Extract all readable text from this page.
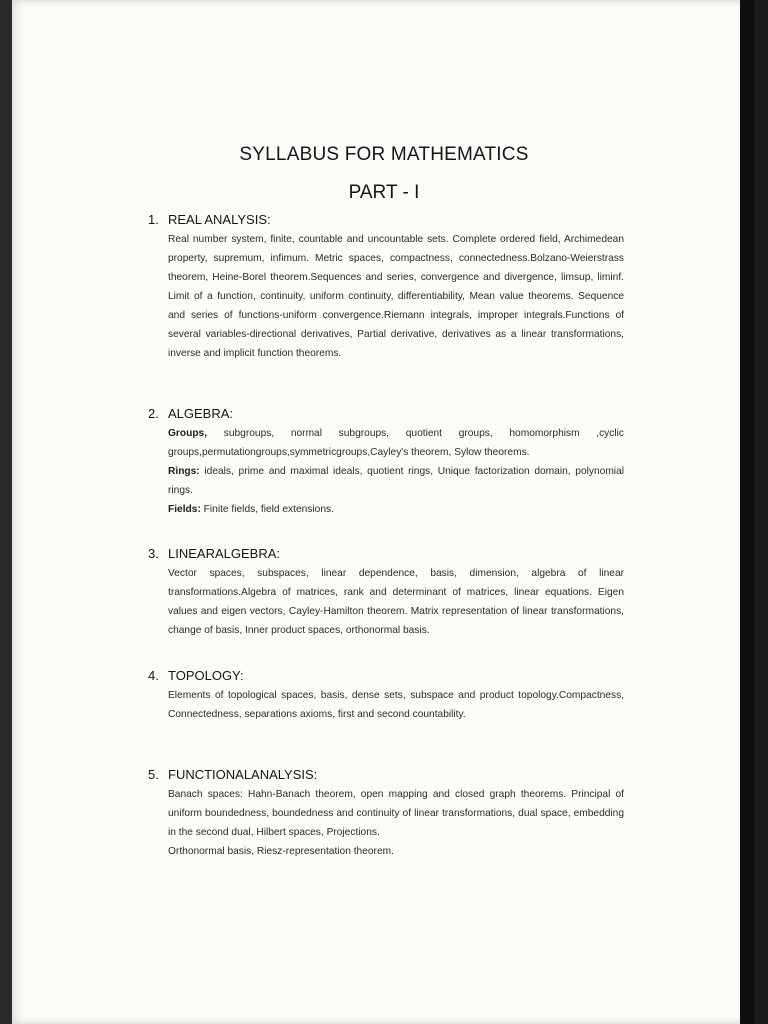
SYLLABUS FOR MATHEMATICS
PART - I
1. REAL ANALYSIS:

Real number system, finite, countable and uncountable sets. Complete ordered field, Archimedean property, supremum, infimum. Metric spaces, compactness, connectedness.Bolzano-Weierstrass theorem, Heine-Borel theorem.Sequences and series, convergence and divergence, limsup, liminf. Limit of a function, continuity, uniform continuity, differentiability, Mean value theorems. Sequence and series of functions-uniform convergence.Riemann integrals, improper integrals.Functions of several variables-directional derivatives, Partial derivative, derivatives as a linear transformations, inverse and implicit function theorems.

2. ALGEBRA:

Groups, subgroups, normal subgroups, quotient groups, homomorphism ,cyclic groups,permutationgroups,symmetricgroups,Cayley's theorem, Sylow theorems.

Rings: ideals, prime and maximal ideals, quotient rings, Unique factorization domain, polynomial rings.

Fields: Finite fields, field extensions.

3. LINEARALGEBRA:

Vector spaces, subspaces, linear dependence, basis, dimension, algebra of linear transformations.Algebra of matrices, rank and determinant of matrices, linear equations. Eigen values and eigen vectors, Cayley-Hamilton theorem. Matrix representation of linear transformations, change of basis, Inner product spaces, orthonormal basis.

4. TOPOLOGY:

Elements of topological spaces, basis, dense sets, subspace and product topology.Compactness, Connectedness, separations axioms, first and second countability.

5. FUNCTIONALANALYSIS:

Banach spaces: Hahn-Banach theorem, open mapping and closed graph theorems. Principal of uniform boundedness, boundedness and continuity of linear transformations, dual space, embedding in the second dual, Hilbert spaces, Projections.

Orthonormal basis, Riesz-representation theorem.
